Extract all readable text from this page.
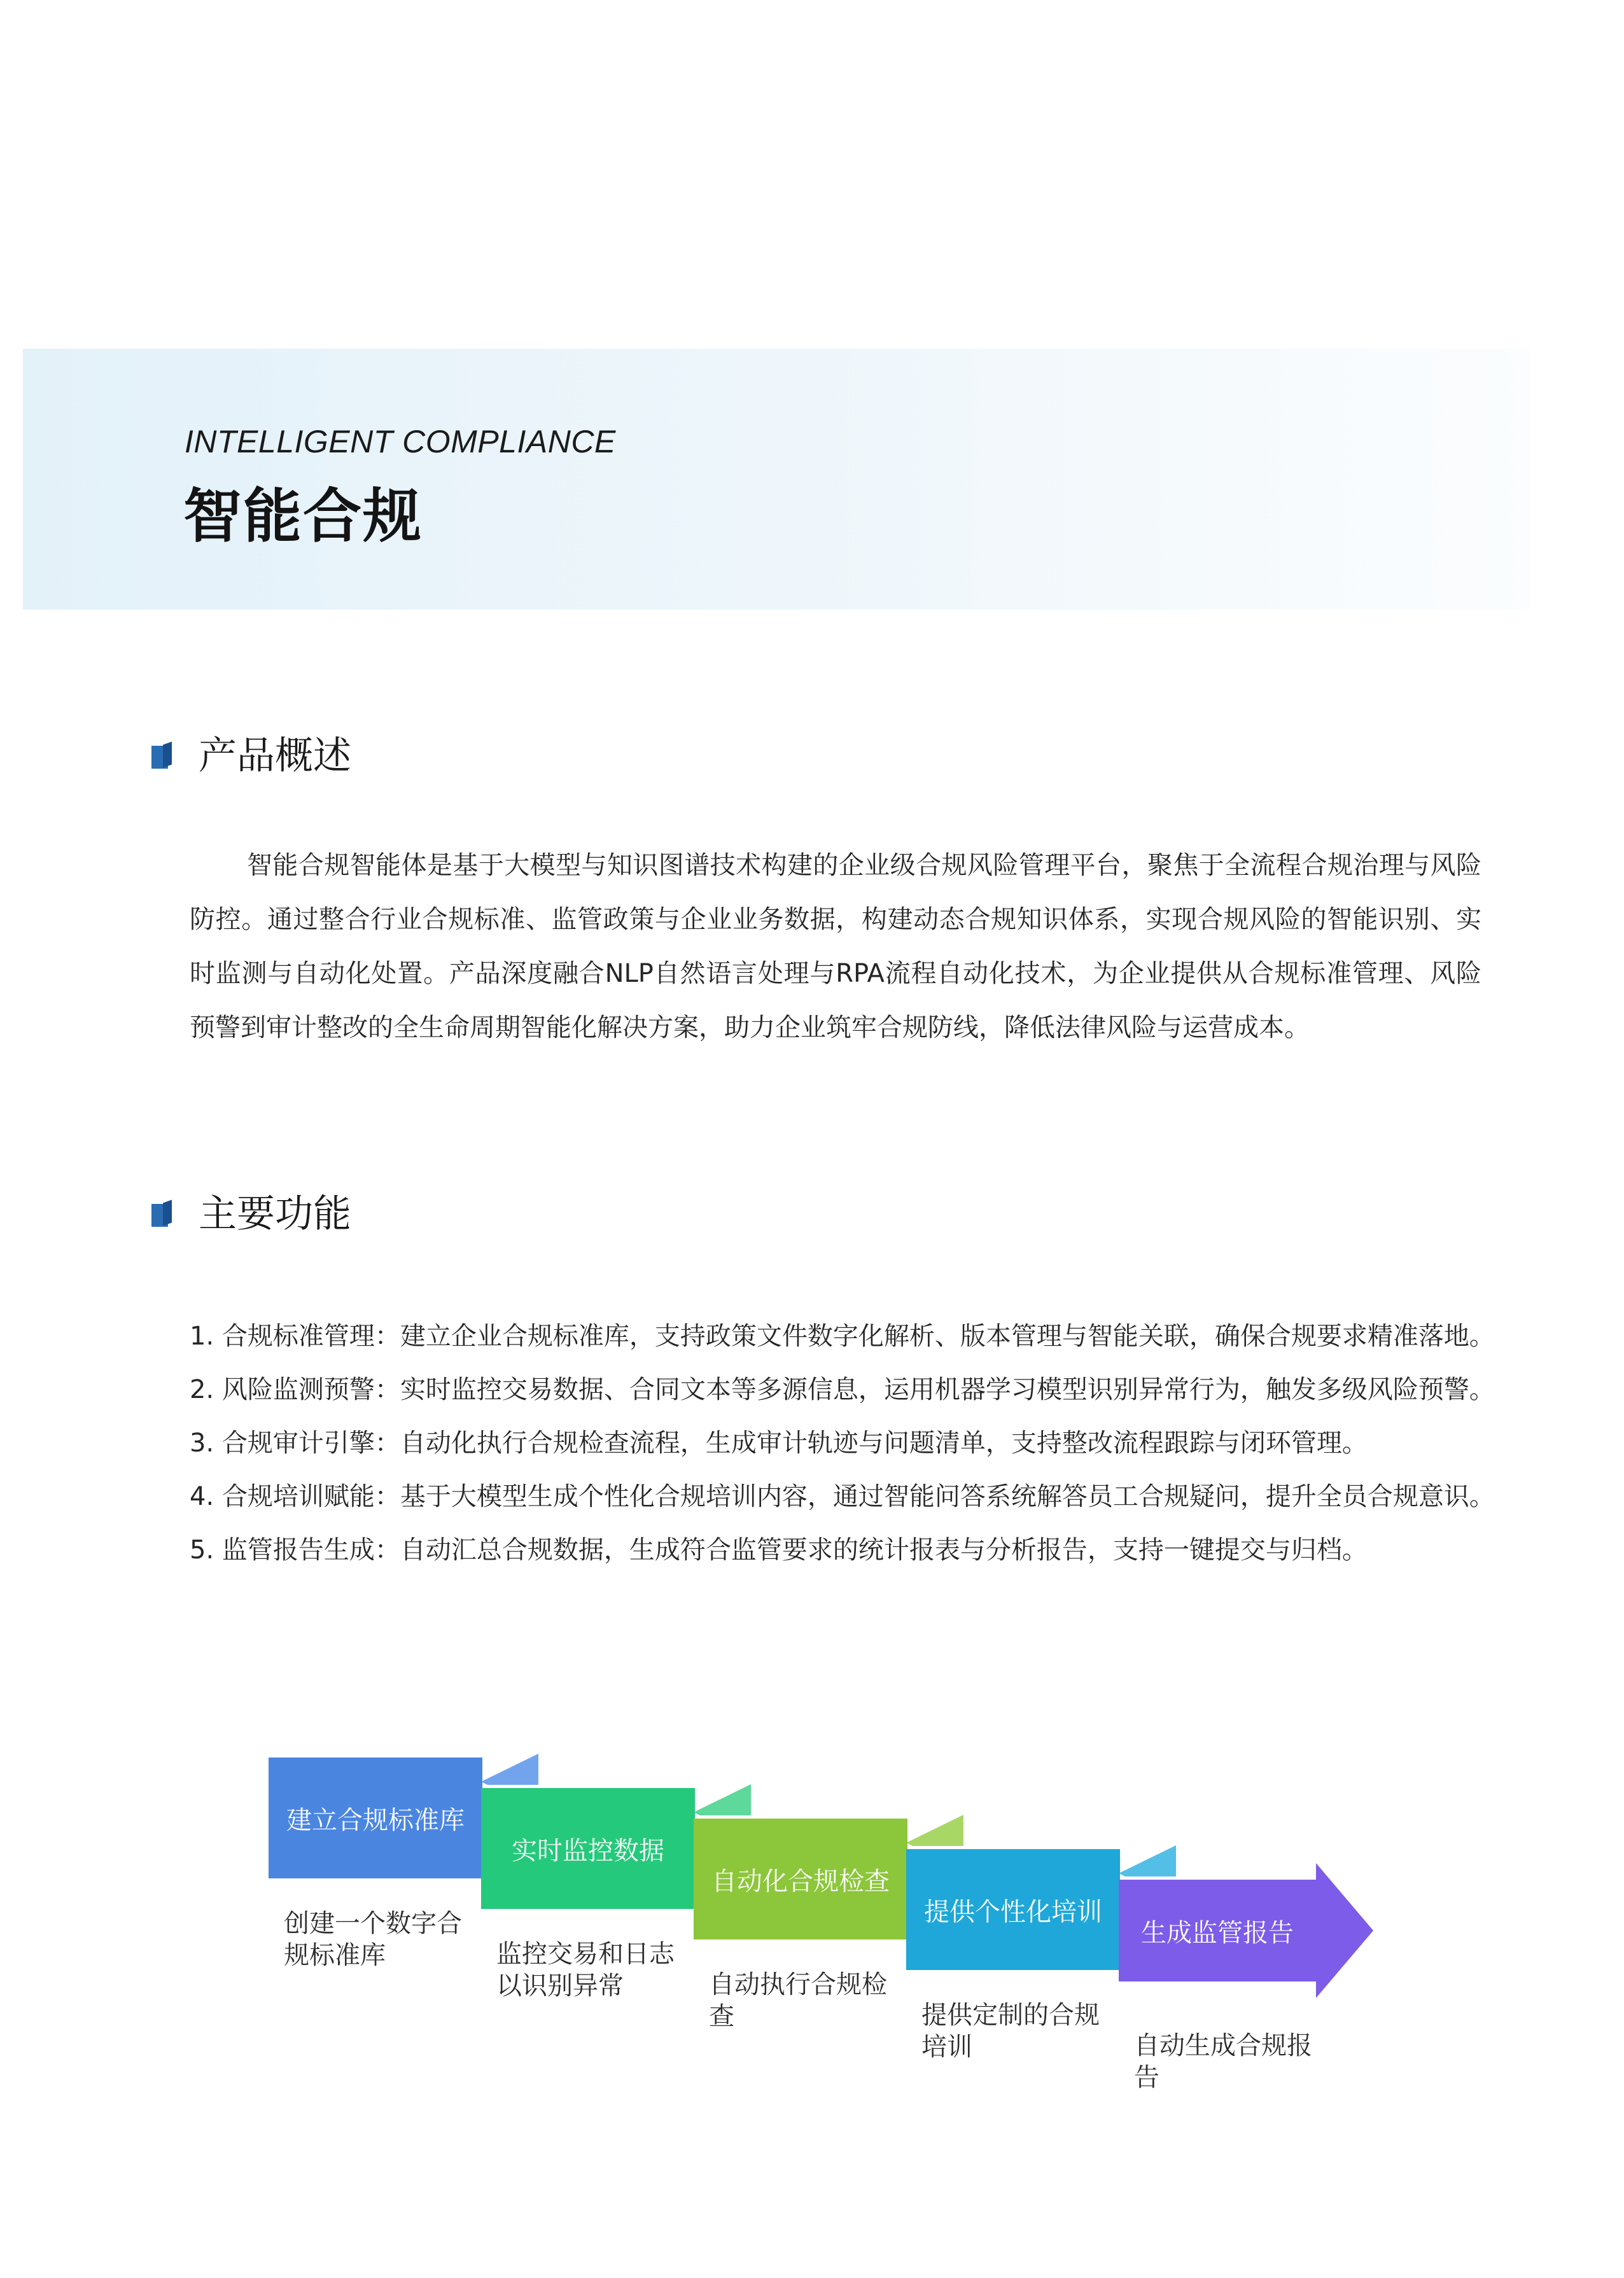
INTELLIGENT COMPLIANCE
智能合规
产品概述

智能合规智能体是基于大模型与知识图谱技术构建的企业级合规风险管理平台，聚焦于全流程合规治理与风险防控。通过整合行业合规标准、监管政策与企业业务数据，构建动态合规知识体系，实现合规风险的智能识别、实时监测与自动化处置。产品深度融合NLP自然语言处理与RPA流程自动化技术，为企业提供从合规标准管理、风险预警到审计整改的全生命周期智能化解决方案，助力企业筑牢合规防线，降低法律风险与运营成本。

主要功能
1. 合规标准管理：建立企业合规标准库，支持政策文件数字化解析、版本管理与智能关联，确保合规要求精准落地。
2. 风险监测预警：实时监控交易数据、合同文本等多源信息，运用机器学习模型识别异常行为，触发多级风险预警。
3. 合规审计引擎：自动化执行合规检查流程，生成审计轨迹与问题清单，支持整改流程跟踪与闭环管理。
4. 合规培训赋能：基于大模型生成个性化合规培训内容，通过智能问答系统解答员工合规疑问，提升全员合规意识。
5. 监管报告生成：自动汇总合规数据，生成符合监管要求的统计报表与分析报告，支持一键提交与归档。
建立合规标准库
实时监控数据
自动化合规检查
提供个性化培训
生成监管报告
创建一个数字合规标准库	监控交易和日志以识别异常	自动执行合规检查	提供定制的合规培训	自动生成合规报告
